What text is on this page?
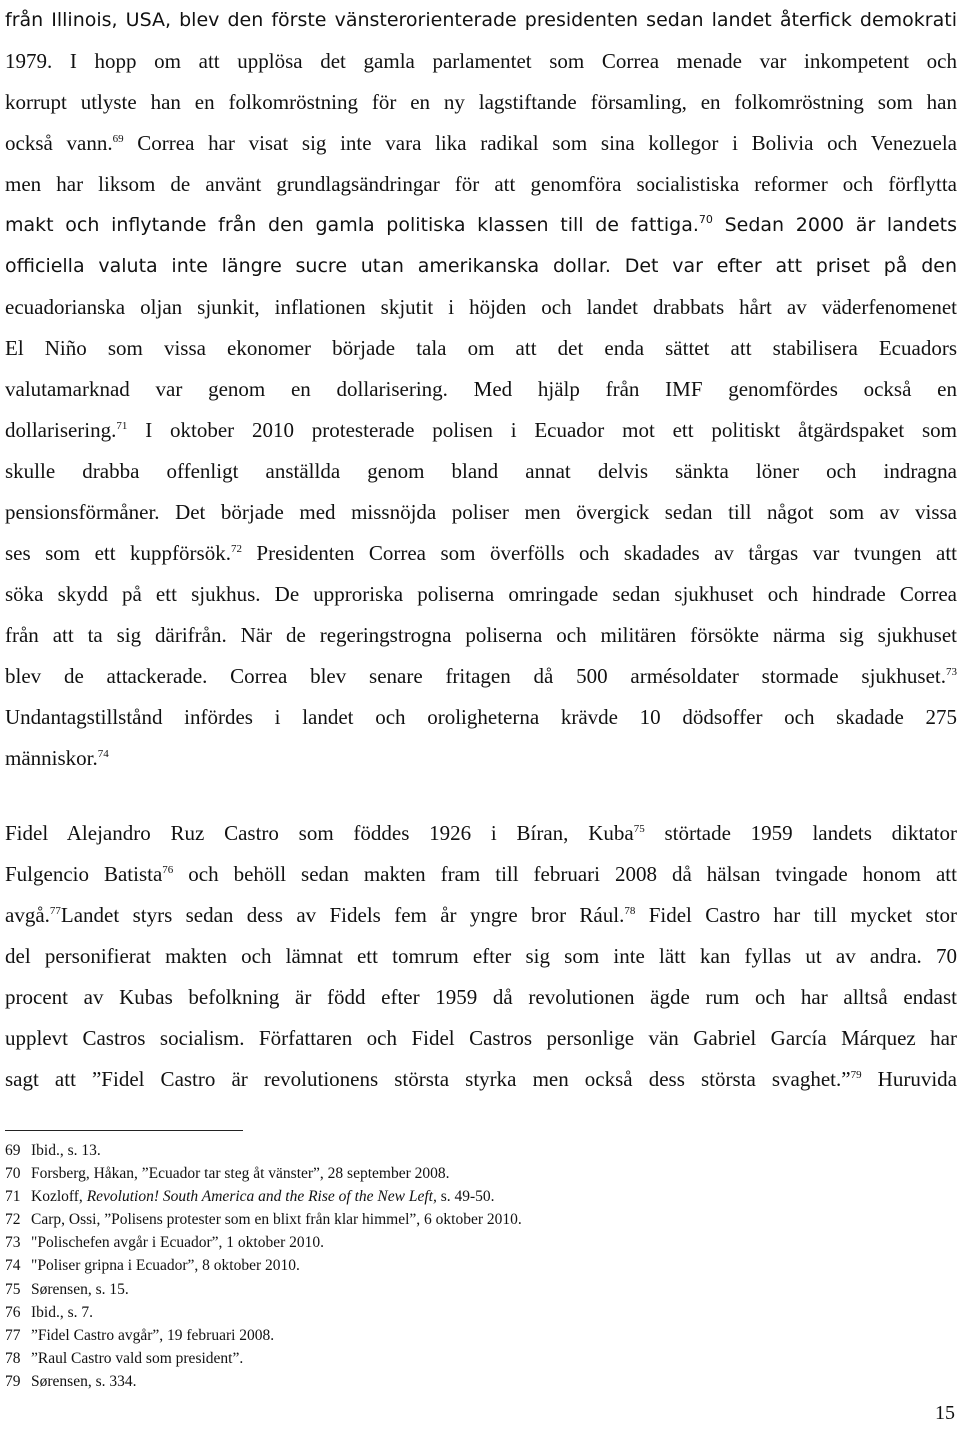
från Illinois, USA, blev den förste vänsterorienterade presidenten sedan landet återfick demokrati
1979. I hopp om att upplösa det gamla parlamentet som Correa menade var inkompetent och
korrupt utlyste han en folkomröstning för en ny lagstiftande församling, en folkomröstning som han
också vann.$^{69}$ Correa har visat sig inte vara lika radikal som sina kollegor i Bolivia och Venezuela
men har liksom de använt grundlagsändringar för att genomföra socialistiska reformer och förflytta
makt och inflytande från den gamla politiska klassen till de fattiga.$^{70}$ Sedan 2000 är landets
officiella valuta inte längre sucre utan amerikanska dollar. Det var efter att priset på den
ecuadorianska oljan sjunkit, inflationen skjutit i höjden och landet drabbats hårt av väderfenomenet
El Niño som vissa ekonomer började tala om att det enda sättet att stabilisera Ecuadors
valutamarknad var genom en dollarisering. Med hjälp från IMF genomfördes också en
dollarisering.$^{71}$ I oktober 2010 protesterade polisen i Ecuador mot ett politiskt åtgärdspaket som
skulle drabba offenligt anställda genom bland annat delvis sänkta löner och indragna
pensionsförmåner. Det började med missnöjda poliser men övergick sedan till något som av vissa
ses som ett kuppförsök.$^{72}$ Presidenten Correa som överfölls och skadades av tårgas var tvungen att
söka skydd på ett sjukhus. De upproriska poliserna omringade sedan sjukhuset och hindrade Correa
från att ta sig därifrån. När de regeringstrogna poliserna och militären försökte närma sig sjukhuset
blev de attackerade. Correa blev senare fritagen då 500 armésoldater stormade sjukhuset.$^{73}$
Undantagstillstånd infördes i landet och oroligheterna krävde 10 dödsoffer och skadade 275
människor.$^{74}$
Fidel Alejandro Ruz Castro som föddes 1926 i Bíran, Kuba$^{75}$ störtade 1959 landets diktator
Fulgencio Batista$^{76}$ och behöll sedan makten fram till februari 2008 då hälsan tvingade honom att
avgå.$^{77}$Landet styrs sedan dess av Fidels fem år yngre bror Rául.$^{78}$ Fidel Castro har till mycket stor
del personifierat makten och lämnat ett tomrum efter sig som inte lätt kan fyllas ut av andra. 70
procent av Kubas befolkning är född efter 1959 då revolutionen ägde rum och har alltså endast
upplevt Castros socialism. Författaren och Fidel Castros personlige vän Gabriel García Márquez har
sagt att ”Fidel Castro är revolutionens största styrka men också dess största svaghet.”$^{79}$ Huruvida
69 Ibid., s. 13.
70 Forsberg, Håkan, ”Ecuador tar steg åt vänster”, 28 september 2008.
71 Kozloff, Revolution! South America and the Rise of the New Left, s. 49-50.
72 Carp, Ossi, ”Polisens protester som en blixt från klar himmel”, 6 oktober 2010.
73 "Polischefen avgår i Ecuador”, 1 oktober 2010.
74 "Poliser gripna i Ecuador”, 8 oktober 2010.
75 Sørensen, s. 15.
76 Ibid., s. 7.
77 ”Fidel Castro avgår”, 19 februari 2008.
78 ”Raul Castro vald som president”.
79 Sørensen, s. 334.
15
